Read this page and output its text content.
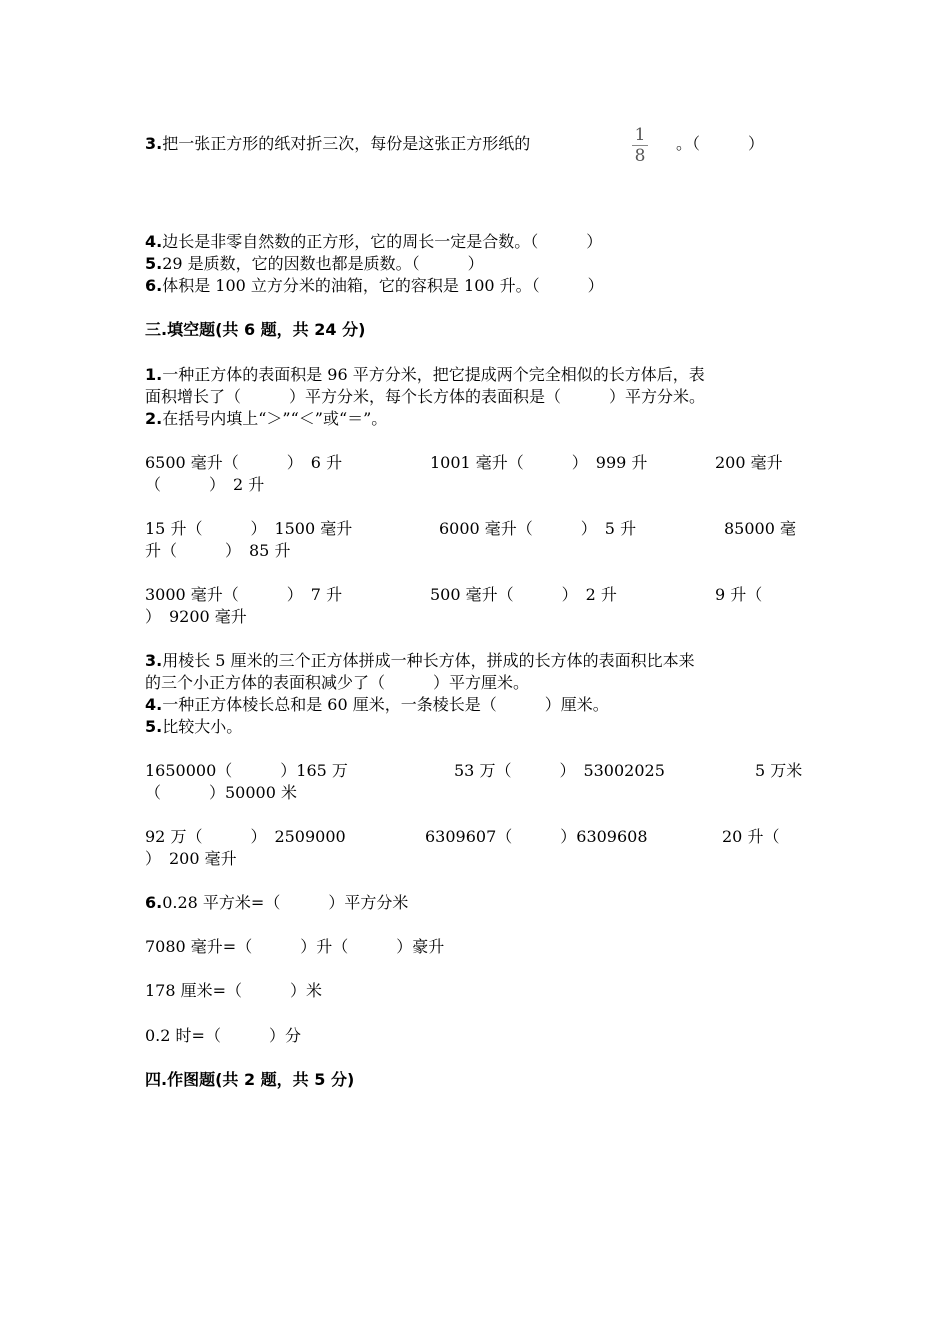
3.把一张正方形的纸对折三次，每份是这张正方形纸的	1
8
。（　　　）
4.边长是非零自然数的正方形，它的周长一定是合数。（　　　）
5.29 是质数，它的因数也都是质数。（　　　）
6.体积是 100 立方分米的油箱，它的容积是 100 升。（　　　）
三.填空题(共 6 题，共 24 分)
1.一种正方体的表面积是 96 平方分米，把它提成两个完全相似的长方体后，表
面积增长了（　　　）平方分米，每个长方体的表面积是（　　　）平方分米。
2.在括号内填上“＞”“＜”或“＝”。
6500 毫升（　　　）　6 升	1001 毫升（　　　）　999 升	200 毫升
（　　　）　2 升
15 升（　　　）　1500 毫升	6000 毫升（　　　）　5 升	85000 毫
升（　　　）　85 升
3000 毫升（　　　）　7 升	500 毫升（　　　）　2 升	9 升（
）　9200 毫升
3.用棱长 5 厘米的三个正方体拼成一种长方体，拼成的长方体的表面积比本来
的三个小正方体的表面积减少了（　　　）平方厘米。
4.一种正方体棱长总和是 60 厘米，一条棱长是（　　　）厘米。
5.比较大小。
1650000（　　　）165 万	53 万（　　　）　53002025	5 万米
（　　　）50000 米
92 万（　　　）　2509000	6309607（　　　）6309608	20 升（
）　200 毫升
6.0.28 平方米=（　　　）平方分米
7080 毫升=（　　　）升（　　　）豪升
178 厘米=（　　　）米
0.2 时=（　　　）分
四.作图题(共 2 题，共 5 分)
